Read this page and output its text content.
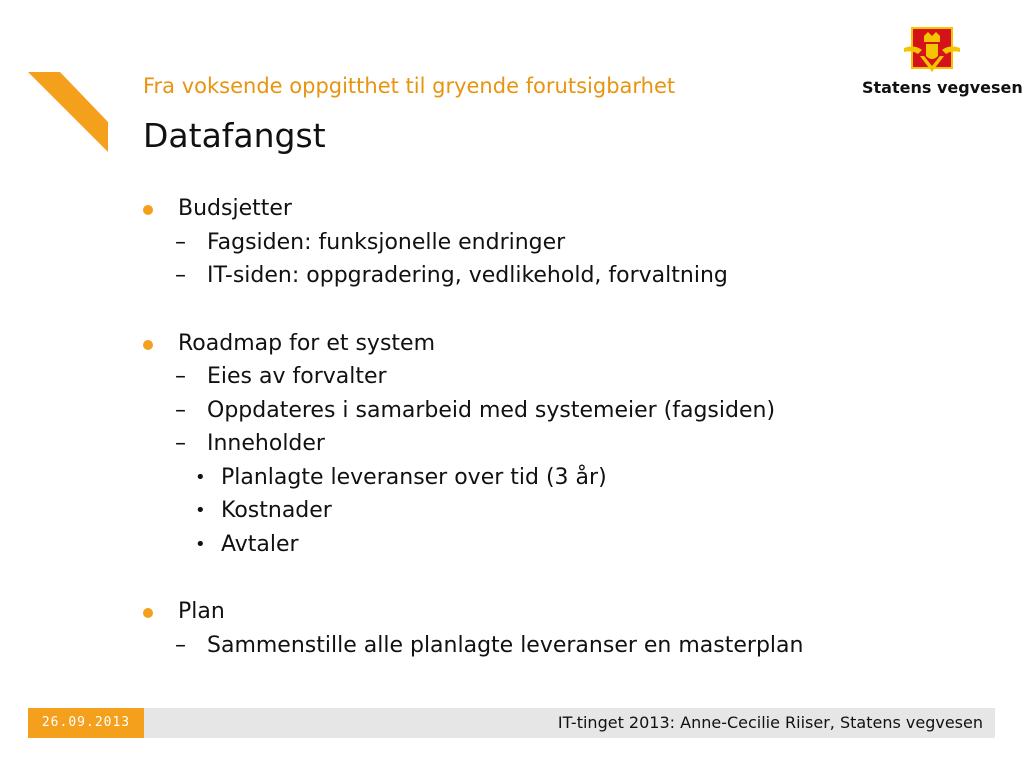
Fra voksende oppgitthet til gryende forutsigbarhet
Datafangst
Statens vegvesen
Budsjetter
– Fagsiden: funksjonelle endringer
– IT-siden: oppgradering, vedlikehold, forvaltning
Roadmap for et system
– Eies av forvalter
– Oppdateres i samarbeid med systemeier (fagsiden)
– Inneholder
• Planlagte leveranser over tid (3 år)
• Kostnader
• Avtaler
Plan
– Sammenstille alle planlagte leveranser en masterplan
26.09.2013	IT-tinget 2013: Anne-Cecilie Riiser, Statens vegvesen
